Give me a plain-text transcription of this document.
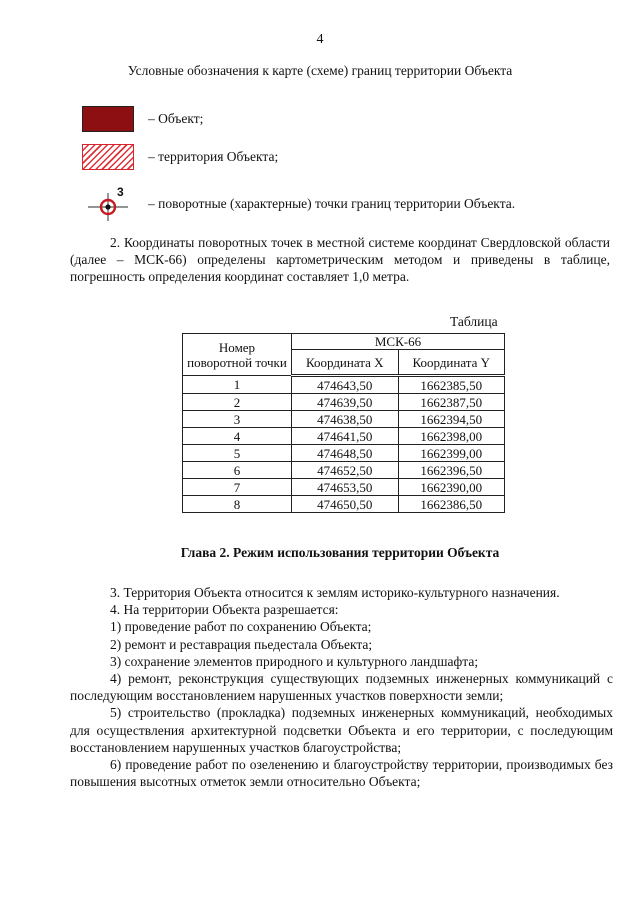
4
Условные обозначения к карте (схеме) границ территории Объекта
– Объект;
– территория Объекта;
3
– поворотные (характерные) точки границ территории Объекта.

2. Координаты поворотных точек в местной системе координат Свердловской области (далее – МСК-66) определены картометрическим методом и приведены в таблице, погрешность определения координат составляет 1,0 метра.

Таблица
Номер поворотной точки	МСК-66	
	Координата X	Координата Y
1	474643,50	1662385,50
2	474639,50	1662387,50
3	474638,50	1662394,50
4	474641,50	1662398,00
5	474648,50	1662399,00
6	474652,50	1662396,50
7	474653,50	1662390,00
8	474650,50	1662386,50
Глава 2. Режим использования территории Объекта

3. Территория Объекта относится к землям историко-культурного назначения.

4. На территории Объекта разрешается:

1) проведение работ по сохранению Объекта;

2) ремонт и реставрация пьедестала Объекта;

3) сохранение элементов природного и культурного ландшафта;

4) ремонт, реконструкция существующих подземных инженерных коммуникаций с последующим восстановлением нарушенных участков поверхности земли;

5) строительство (прокладка) подземных инженерных коммуникаций, необходимых для осуществления архитектурной подсветки Объекта и его территории, с последующим восстановлением нарушенных участков благоустройства;

6) проведение работ по озеленению и благоустройству территории, производимых без повышения высотных отметок земли относительно Объекта;
